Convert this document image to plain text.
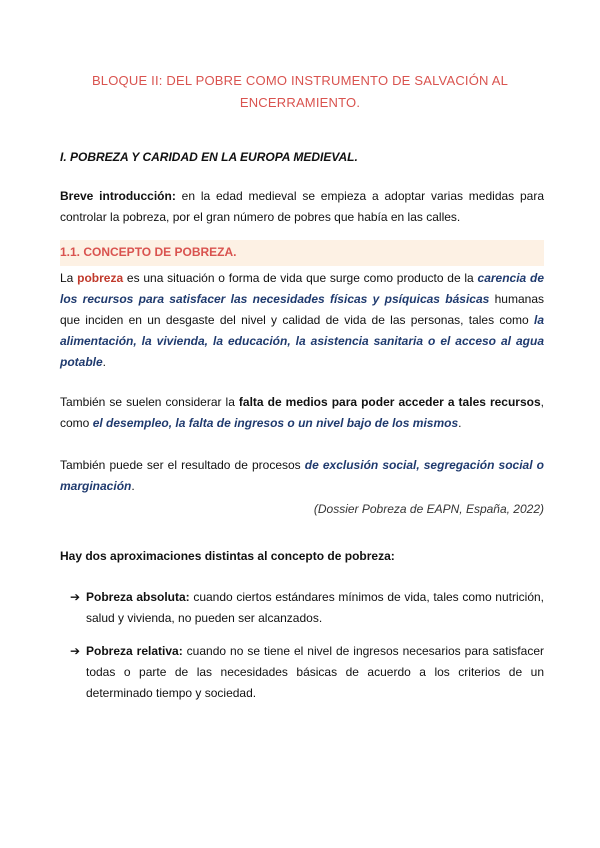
BLOQUE II: DEL POBRE COMO INSTRUMENTO DE SALVACIÓN AL
ENCERRAMIENTO.
I. POBREZA Y CARIDAD EN LA EUROPA MEDIEVAL.
Breve introducción: en la edad medieval se empieza a adoptar varias medidas para controlar la pobreza, por el gran número de pobres que había en las calles.
1.1. CONCEPTO DE POBREZA.
La pobreza es una situación o forma de vida que surge como producto de la carencia de los recursos para satisfacer las necesidades físicas y psíquicas básicas humanas que inciden en un desgaste del nivel y calidad de vida de las personas, tales como la alimentación, la vivienda, la educación, la asistencia sanitaria o el acceso al agua potable.
También se suelen considerar la falta de medios para poder acceder a tales recursos, como el desempleo, la falta de ingresos o un nivel bajo de los mismos.
También puede ser el resultado de procesos de exclusión social, segregación social o marginación.
(Dossier Pobreza de EAPN, España, 2022)
Hay dos aproximaciones distintas al concepto de pobreza:
➔ Pobreza absoluta: cuando ciertos estándares mínimos de vida, tales como nutrición, salud y vivienda, no pueden ser alcanzados.
➔ Pobreza relativa: cuando no se tiene el nivel de ingresos necesarios para satisfacer todas o parte de las necesidades básicas de acuerdo a los criterios de un determinado tiempo y sociedad.
